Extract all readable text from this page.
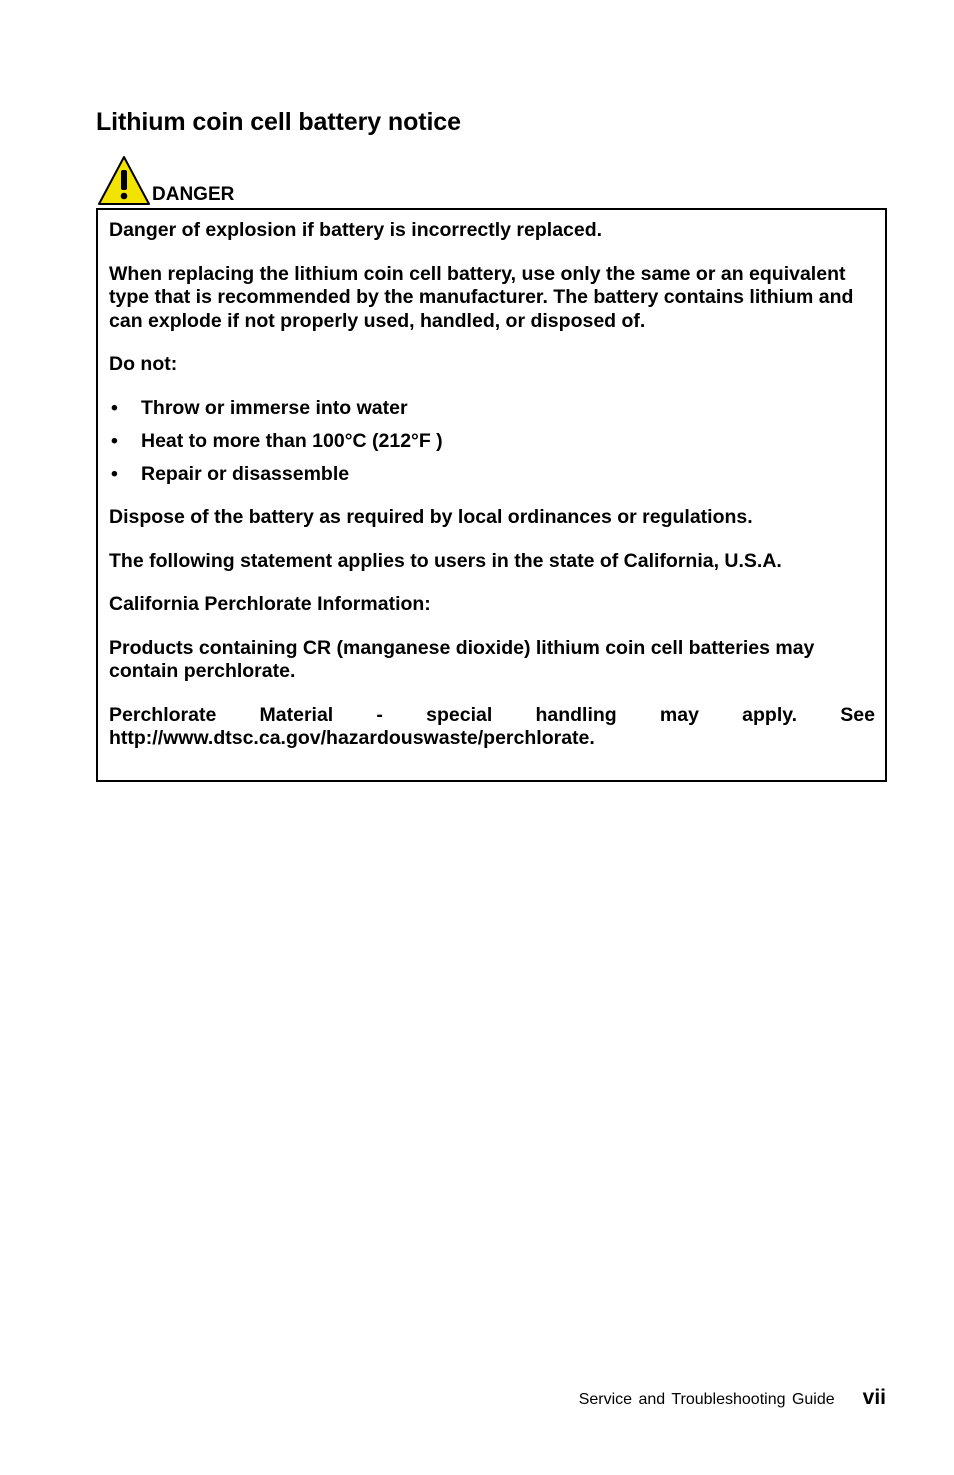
Lithium coin cell battery notice
DANGER

Danger of explosion if battery is incorrectly replaced.

When replacing the lithium coin cell battery, use only the same or an equivalent type that is recommended by the manufacturer. The battery contains lithium and can explode if not properly used, handled, or disposed of.

Do not:

• Throw or immerse into water
• Heat to more than 100°C (212°F )
• Repair or disassemble

Dispose of the battery as required by local ordinances or regulations.

The following statement applies to users in the state of California, U.S.A.

California Perchlorate Information:

Products containing CR (manganese dioxide) lithium coin cell batteries may contain perchlorate.

Perchlorate Material - special handling may apply. See http://www.dtsc.ca.gov/hazardouswaste/perchlorate.

Service and Troubleshooting Guide vii
